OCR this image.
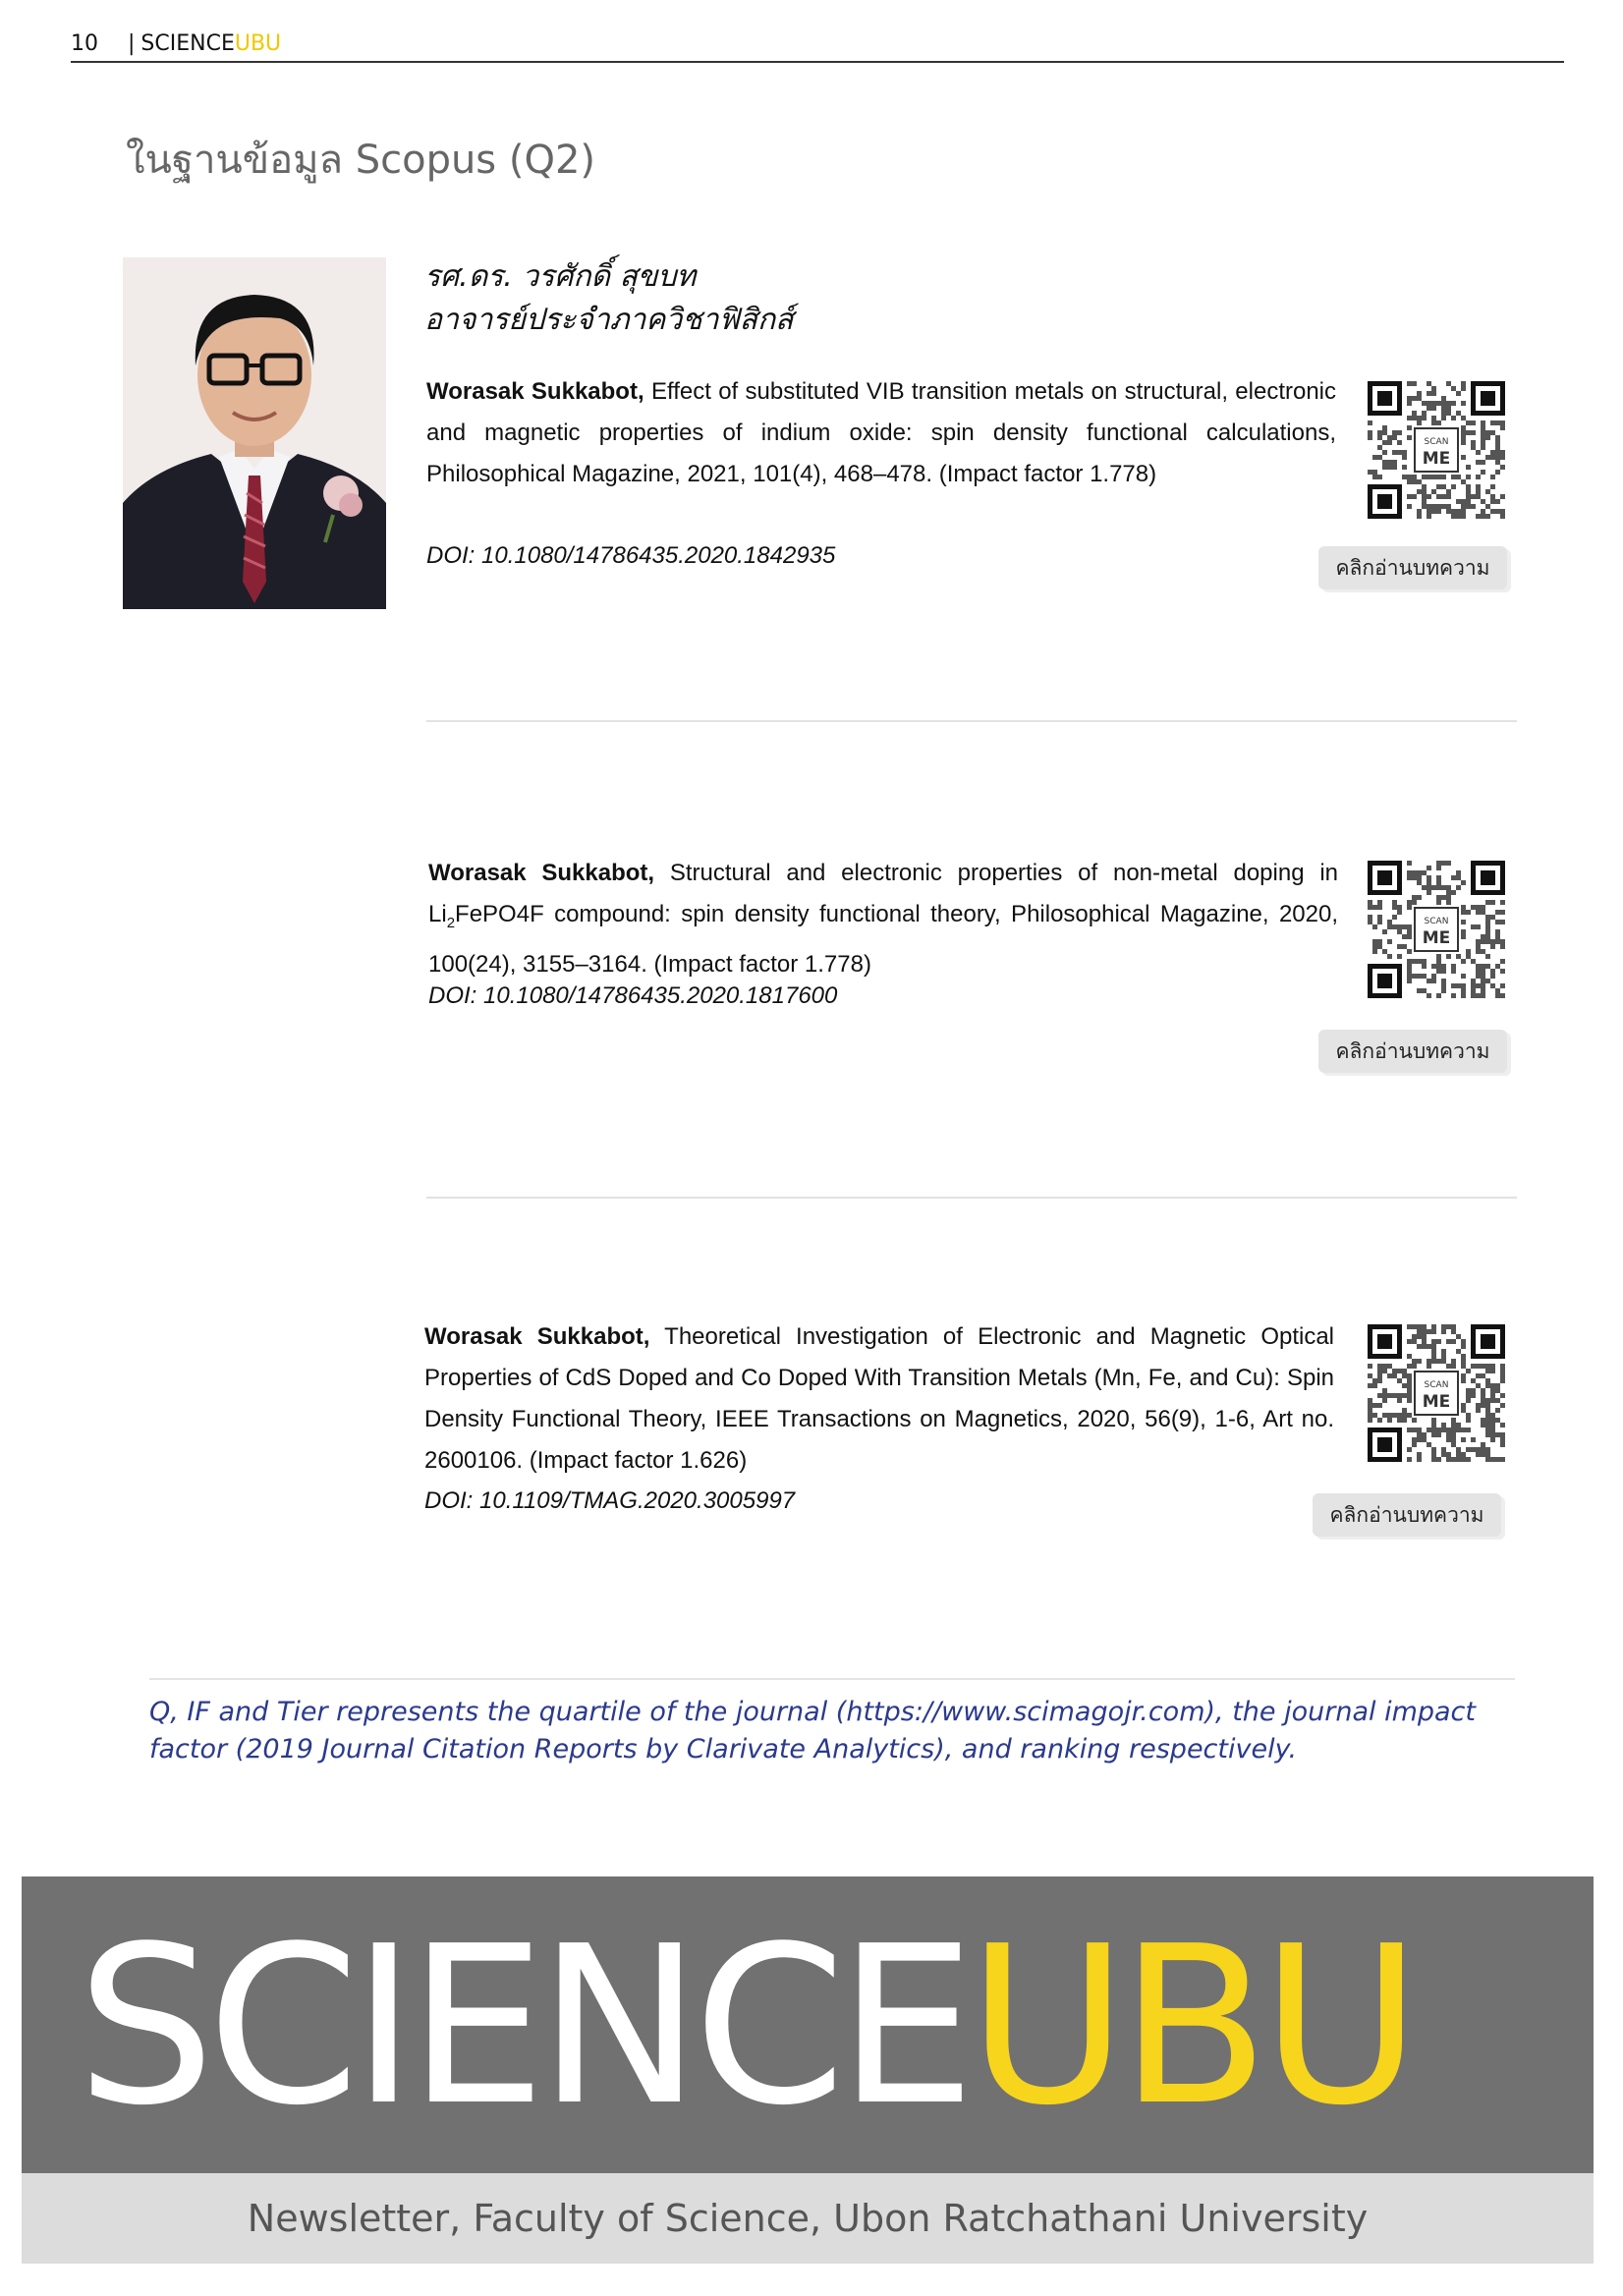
10 | SCIENCEUBU
ในฐานข้อมูล Scopus (Q2)
รศ.ดร. วรศักดิ์ สุขบท
อาจารย์ประจำภาควิชาฟิสิกส์
Worasak Sukkabot, Effect of substituted VIB transition metals on structural, electronic and magnetic properties of indium oxide: spin density functional calculations, Philosophical Magazine, 2021, 101(4), 468–478. (Impact factor 1.778)
DOI: 10.1080/14786435.2020.1842935
SCAN
ME
คลิกอ่านบทความ
Worasak Sukkabot, Structural and electronic properties of non-metal doping in $Li_2FePO4F$ compound: spin density functional theory, Philosophical Magazine, 2020, 100(24), 3155–3164. (Impact factor 1.778)
DOI: 10.1080/14786435.2020.1817600
SCAN
ME
คลิกอ่านบทความ
Worasak Sukkabot, Theoretical Investigation of Electronic and Magnetic Optical Properties of CdS Doped and Co Doped With Transition Metals (Mn, Fe, and Cu): Spin Density Functional Theory, IEEE Transactions on Magnetics, 2020, 56(9), 1-6, Art no. 2600106. (Impact factor 1.626)
DOI: 10.1109/TMAG.2020.3005997
SCAN
ME
คลิกอ่านบทความ
Q, IF and Tier represents the quartile of the journal (https://www.scimagojr.com), the journal impact factor (2019 Journal Citation Reports by Clarivate Analytics), and ranking respectively.
SCIENCEUBU
Newsletter, Faculty of Science, Ubon Ratchathani University
